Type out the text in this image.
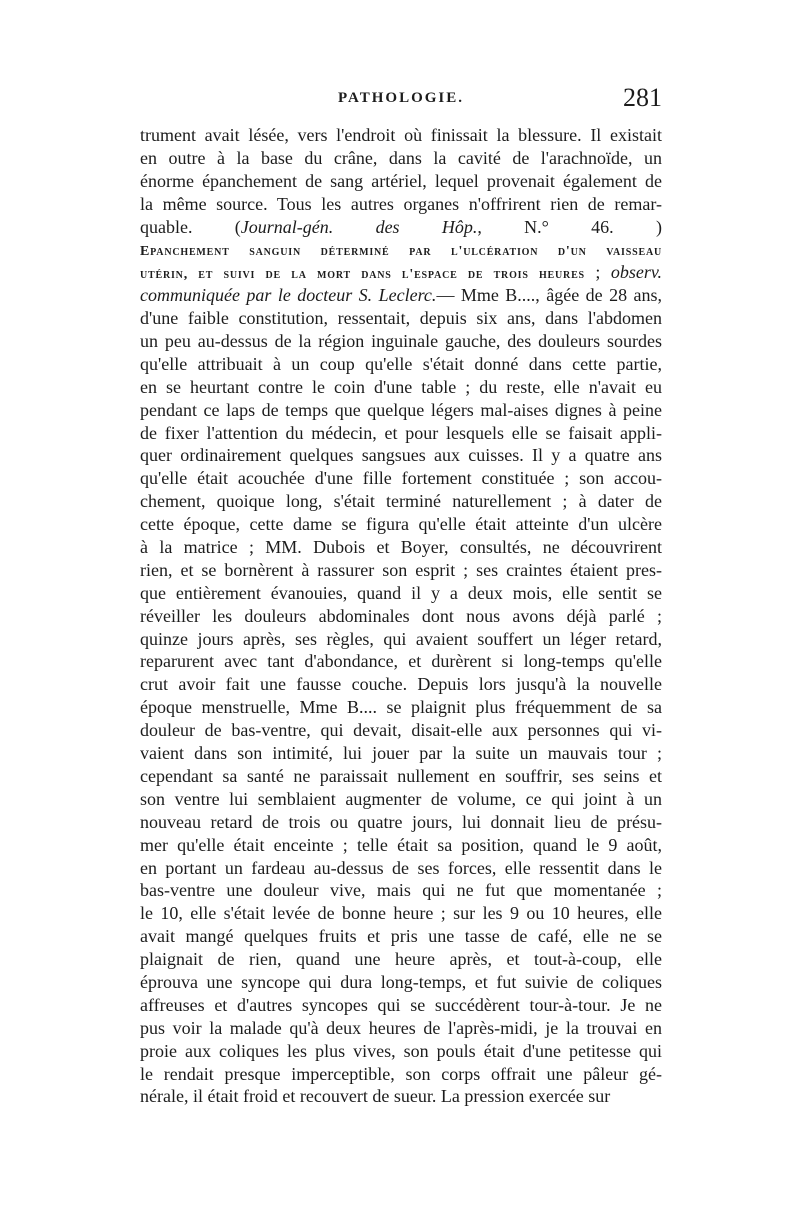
PATHOLOGIE.	281
trument avait lésée, vers l'endroit où finissait la blessure. Il existait
en outre à la base du crâne, dans la cavité de l'arachnoïde, un
énorme épanchement de sang artériel, lequel provenait également de
la même source. Tous les autres organes n'offrirent rien de remar-
quable. (Journal-gén. des Hôp., N.° 46. )
Epanchement sanguin déterminé par l'ulcération d'un vaisseau
utérin, et suivi de la mort dans l'espace de trois heures ; observ.
communiquée par le docteur S. Leclerc.— Mme B...., âgée de 28 ans,
d'une faible constitution, ressentait, depuis six ans, dans l'abdomen
un peu au-dessus de la région inguinale gauche, des douleurs sourdes
qu'elle attribuait à un coup qu'elle s'était donné dans cette partie,
en se heurtant contre le coin d'une table ; du reste, elle n'avait eu
pendant ce laps de temps que quelque légers mal-aises dignes à peine
de fixer l'attention du médecin, et pour lesquels elle se faisait appli-
quer ordinairement quelques sangsues aux cuisses. Il y a quatre ans
qu'elle était acouchée d'une fille fortement constituée ; son accou-
chement, quoique long, s'était terminé naturellement ; à dater de
cette époque, cette dame se figura qu'elle était atteinte d'un ulcère
à la matrice ; MM. Dubois et Boyer, consultés, ne découvrirent
rien, et se bornèrent à rassurer son esprit ; ses craintes étaient pres-
que entièrement évanouies, quand il y a deux mois, elle sentit se
réveiller les douleurs abdominales dont nous avons déjà parlé ;
quinze jours après, ses règles, qui avaient souffert un léger retard,
reparurent avec tant d'abondance, et durèrent si long-temps qu'elle
crut avoir fait une fausse couche. Depuis lors jusqu'à la nouvelle
époque menstruelle, Mme B.... se plaignit plus fréquemment de sa
douleur de bas-ventre, qui devait, disait-elle aux personnes qui vi-
vaient dans son intimité, lui jouer par la suite un mauvais tour ;
cependant sa santé ne paraissait nullement en souffrir, ses seins et
son ventre lui semblaient augmenter de volume, ce qui joint à un
nouveau retard de trois ou quatre jours, lui donnait lieu de présu-
mer qu'elle était enceinte ; telle était sa position, quand le 9 août,
en portant un fardeau au-dessus de ses forces, elle ressentit dans le
bas-ventre une douleur vive, mais qui ne fut que momentanée ;
le 10, elle s'était levée de bonne heure ; sur les 9 ou 10 heures, elle
avait mangé quelques fruits et pris une tasse de café, elle ne se
plaignait de rien, quand une heure après, et tout-à-coup, elle
éprouva une syncope qui dura long-temps, et fut suivie de coliques
affreuses et d'autres syncopes qui se succédèrent tour-à-tour. Je ne
pus voir la malade qu'à deux heures de l'après-midi, je la trouvai en
proie aux coliques les plus vives, son pouls était d'une petitesse qui
le rendait presque imperceptible, son corps offrait une pâleur gé-
nérale, il était froid et recouvert de sueur. La pression exercée sur
